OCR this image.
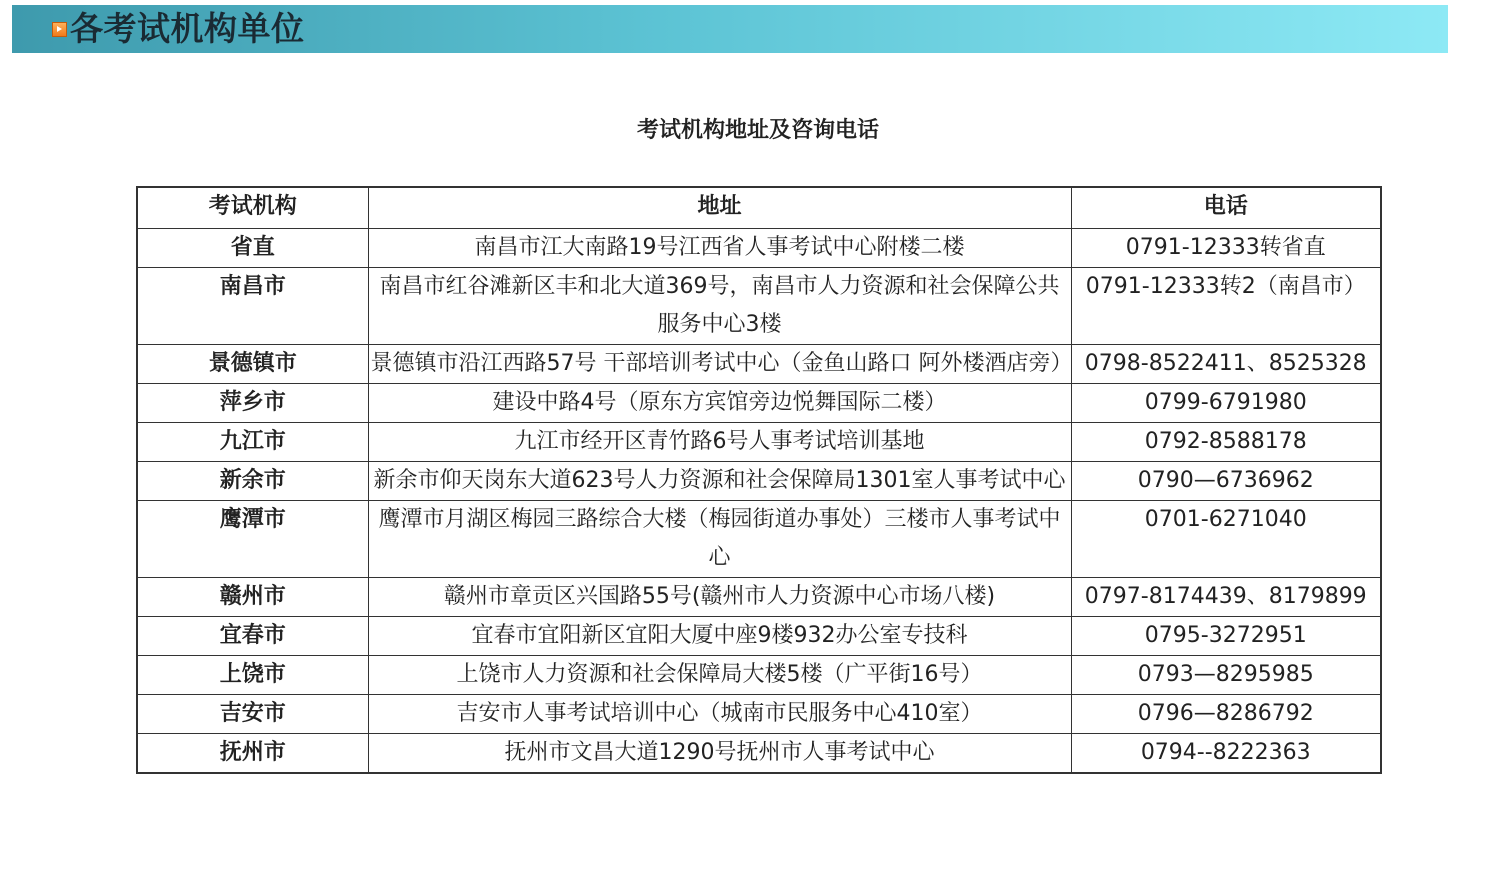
各考试机构单位
考试机构地址及咨询电话
考试机构	地址	电话
省直	南昌市江大南路19号江西省人事考试中心附楼二楼	0791-12333转省直
南昌市	南昌市红谷滩新区丰和北大道369号，南昌市人力资源和社会保障公共服务中心3楼	0791-12333转2（南昌市）
景德镇市	景德镇市沿江西路57号 干部培训考试中心（金鱼山路口 阿外楼酒店旁）	0798-8522411、8525328
萍乡市	建设中路4号（原东方宾馆旁边悦舞国际二楼）	0799-6791980
九江市	九江市经开区青竹路6号人事考试培训基地	0792-8588178
新余市	新余市仰天岗东大道623号人力资源和社会保障局1301室人事考试中心	0790—6736962
鹰潭市	鹰潭市月湖区梅园三路综合大楼（梅园街道办事处）三楼市人事考试中心	0701-6271040
赣州市	赣州市章贡区兴国路55号(赣州市人力资源中心市场八楼)	0797-8174439、8179899
宜春市	宜春市宜阳新区宜阳大厦中座9楼932办公室专技科	0795-3272951
上饶市	上饶市人力资源和社会保障局大楼5楼（广平街16号）	0793—8295985
吉安市	吉安市人事考试培训中心（城南市民服务中心410室）	0796—8286792
抚州市	抚州市文昌大道1290号抚州市人事考试中心	0794--8222363
